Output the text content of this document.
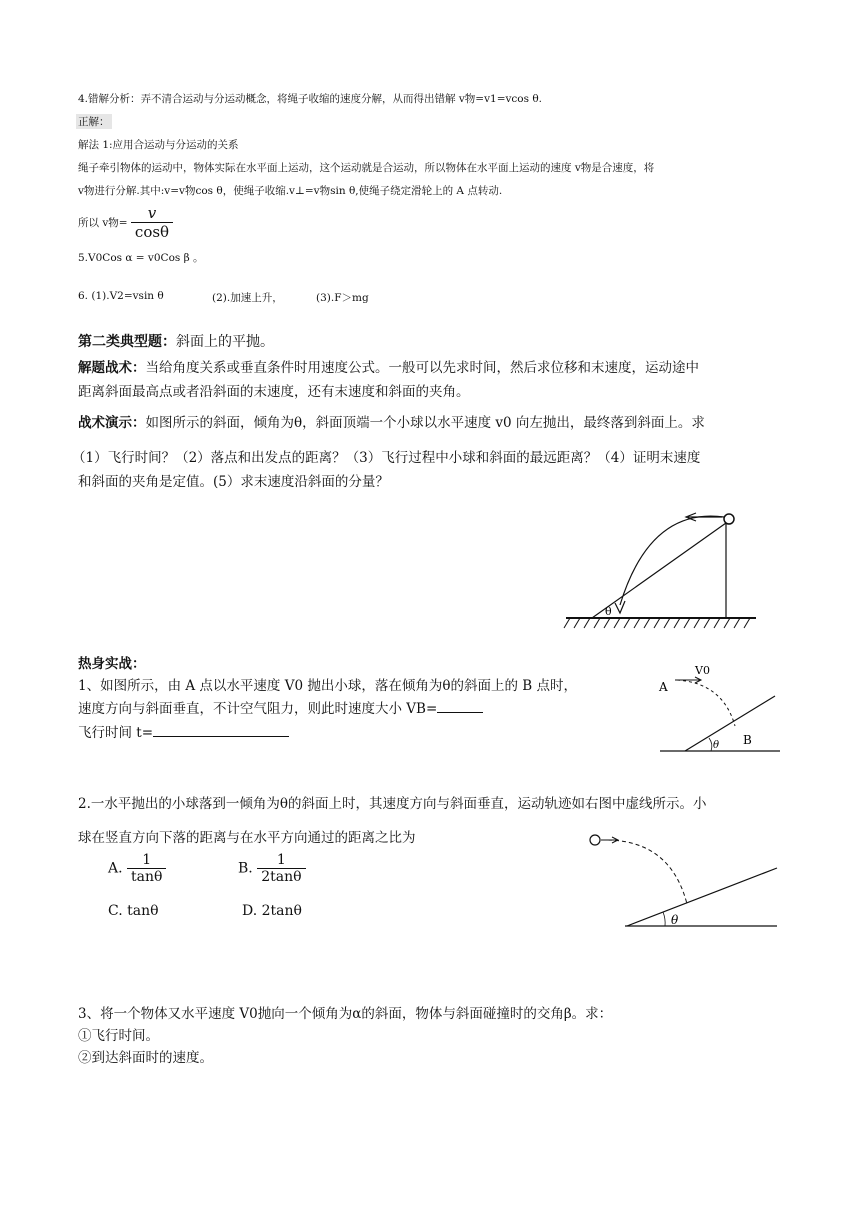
4.错解分析：弄不清合运动与分运动概念，将绳子收缩的速度分解，从而得出错解 v物=v1=vcos θ.
正解：
解法 1:应用合运动与分运动的关系
绳子牵引物体的运动中，物体实际在水平面上运动，这个运动就是合运动，所以物体在水平面上运动的速度 v物是合速度，将
v物进行分解.其中:v=v物cos θ，使绳子收缩.v⊥=v物sin θ,使绳子绕定滑轮上的 A 点转动.
所以 v物= $\frac{v}{\cos\theta}$
5.V0Cos α = v0Cos β 。
6. (1).V2=vsin θ	(2).加速上升，	(3).F＞mg
第二类典型题：斜面上的平抛。
解题战术：当给角度关系或垂直条件时用速度公式。一般可以先求时间，然后求位移和末速度，运动途中
距离斜面最高点或者沿斜面的末速度，还有末速度和斜面的夹角。
战术演示：如图所示的斜面，倾角为θ，斜面顶端一个小球以水平速度 v0 向左抛出，最终落到斜面上。求
（1）飞行时间？（2）落点和出发点的距离？（3）飞行过程中小球和斜面的最远距离？（4）证明末速度
和斜面的夹角是定值。(5）求末速度沿斜面的分量？
θ
热身实战：
1、如图所示，由 A 点以水平速度 V0 抛出小球，落在倾角为θ的斜面上的 B 点时，
速度方向与斜面垂直，不计空气阻力，则此时速度大小 VB=
飞行时间 t=
A
B
V0
θ
2.一水平抛出的小球落到一倾角为θ的斜面上时，其速度方向与斜面垂直，运动轨迹如右图中虚线所示。小
球在竖直方向下落的距离与在水平方向通过的距离之比为
A. $\frac{1}{\tan\theta}$	B. $\frac{1}{2\tan\theta}$
C. tanθ	D. 2tanθ
θ
3、将一个物体又水平速度 V0抛向一个倾角为α的斜面，物体与斜面碰撞时的交角β。求：
①飞行时间。
②到达斜面时的速度。
